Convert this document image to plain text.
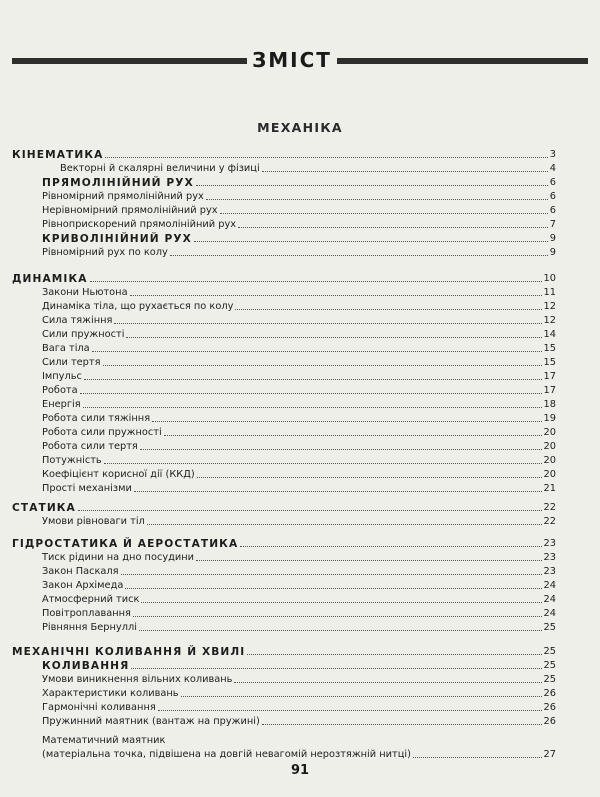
ЗМІСТ
МЕХАНІКА
КІНЕМАТИКА	3
Векторні й скалярні величини у фізиці	4
ПРЯМОЛІНІЙНИЙ РУХ	6
Рівномірний прямолінійний рух	6
Нерівномірний прямолінійний рух	6
Рівноприскорений прямолінійний рух	7
КРИВОЛІНІЙНИЙ РУХ	9
Рівномірний рух по колу	9
ДИНАМІКА	10
Закони Ньютона	11
Динаміка тіла, що рухається по колу	12
Сила тяжіння	12
Сили пружності	14
Вага тіла	15
Сили тертя	15
Імпульс	17
Робота	17
Енергія	18
Робота сили тяжіння	19
Робота сили пружності	20
Робота сили тертя	20
Потужність	20
Коефіцієнт корисної дії (ККД)	20
Прості механізми	21
СТАТИКА	22
Умови рівноваги тіл	22
ГІДРОСТАТИКА Й АЕРОСТАТИКА	23
Тиск рідини на дно посудини	23
Закон Паскаля	23
Закон Архімеда	24
Атмосферний тиск	24
Повітроплавання	24
Рівняння Бернуллі	25
МЕХАНІЧНІ КОЛИВАННЯ Й ХВИЛІ	25
КОЛИВАННЯ	25
Умови виникнення вільних коливань	25
Характеристики коливань	26
Гармонічні коливання	26
Пружинний маятник (вантаж на пружині)	26
Математичний маятник
(матеріальна точка, підвішена на довгій невагомій нерозтяжній нитці)	27
91
